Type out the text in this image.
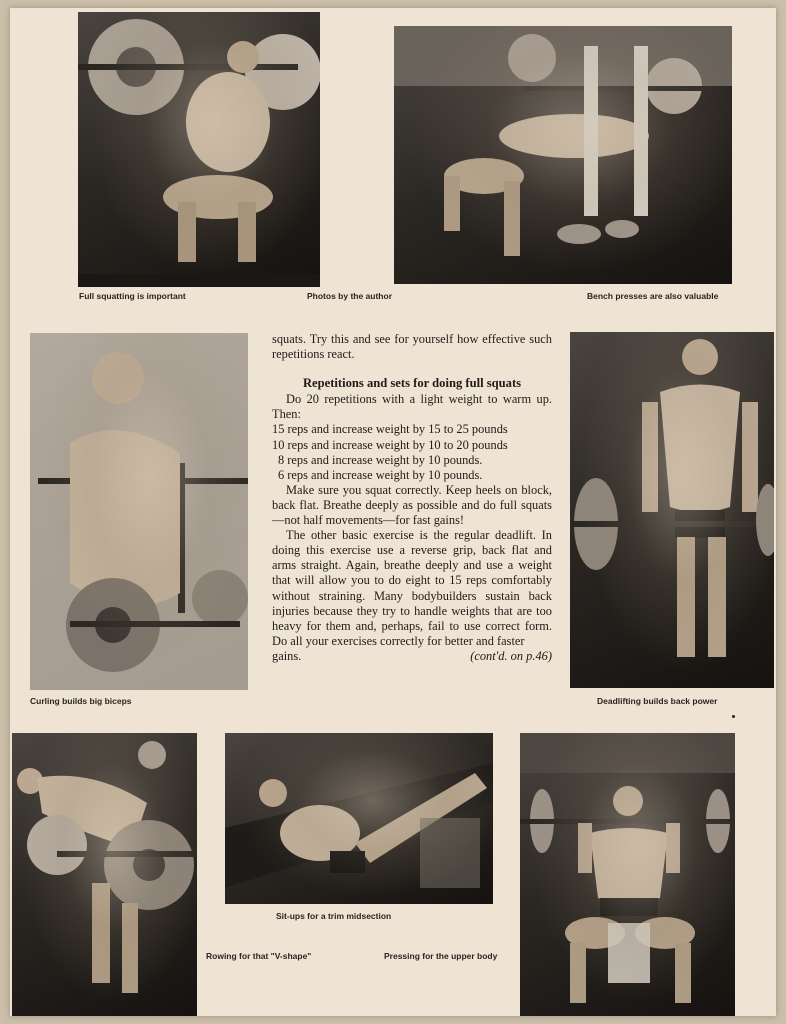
Full squatting is important	Photos by the author	Bench presses are also valuable

squats. Try this and see for yourself how effective such repetitions react.

Repetitions and sets for doing full squats

Do 20 repetitions with a light weight to warm up. Then:

15 reps and increase weight by 15 to 25 pounds
10 reps and increase weight by 10 to 20 pounds
8 reps and increase weight by 10 pounds.
6 reps and increase weight by 10 pounds.

Make sure you squat correctly. Keep heels on block, back flat. Breathe deeply as possible and do full squats—not half movements—for fast gains!

The other basic exercise is the regular deadlift. In doing this exercise use a reverse grip, back flat and arms straight. Again, breathe deeply and use a weight that will allow you to do eight to 15 reps comfortably without straining. Many bodybuilders sustain back injuries because they try to handle weights that are too heavy for them and, perhaps, fail to use correct form. Do all your exercises correctly for better and faster

gains.	(cont'd. on p.46)
Curling builds big biceps	Deadlifting builds back power
Sit-ups for a trim midsection
Rowing for that "V-shape"	Pressing for the upper body
